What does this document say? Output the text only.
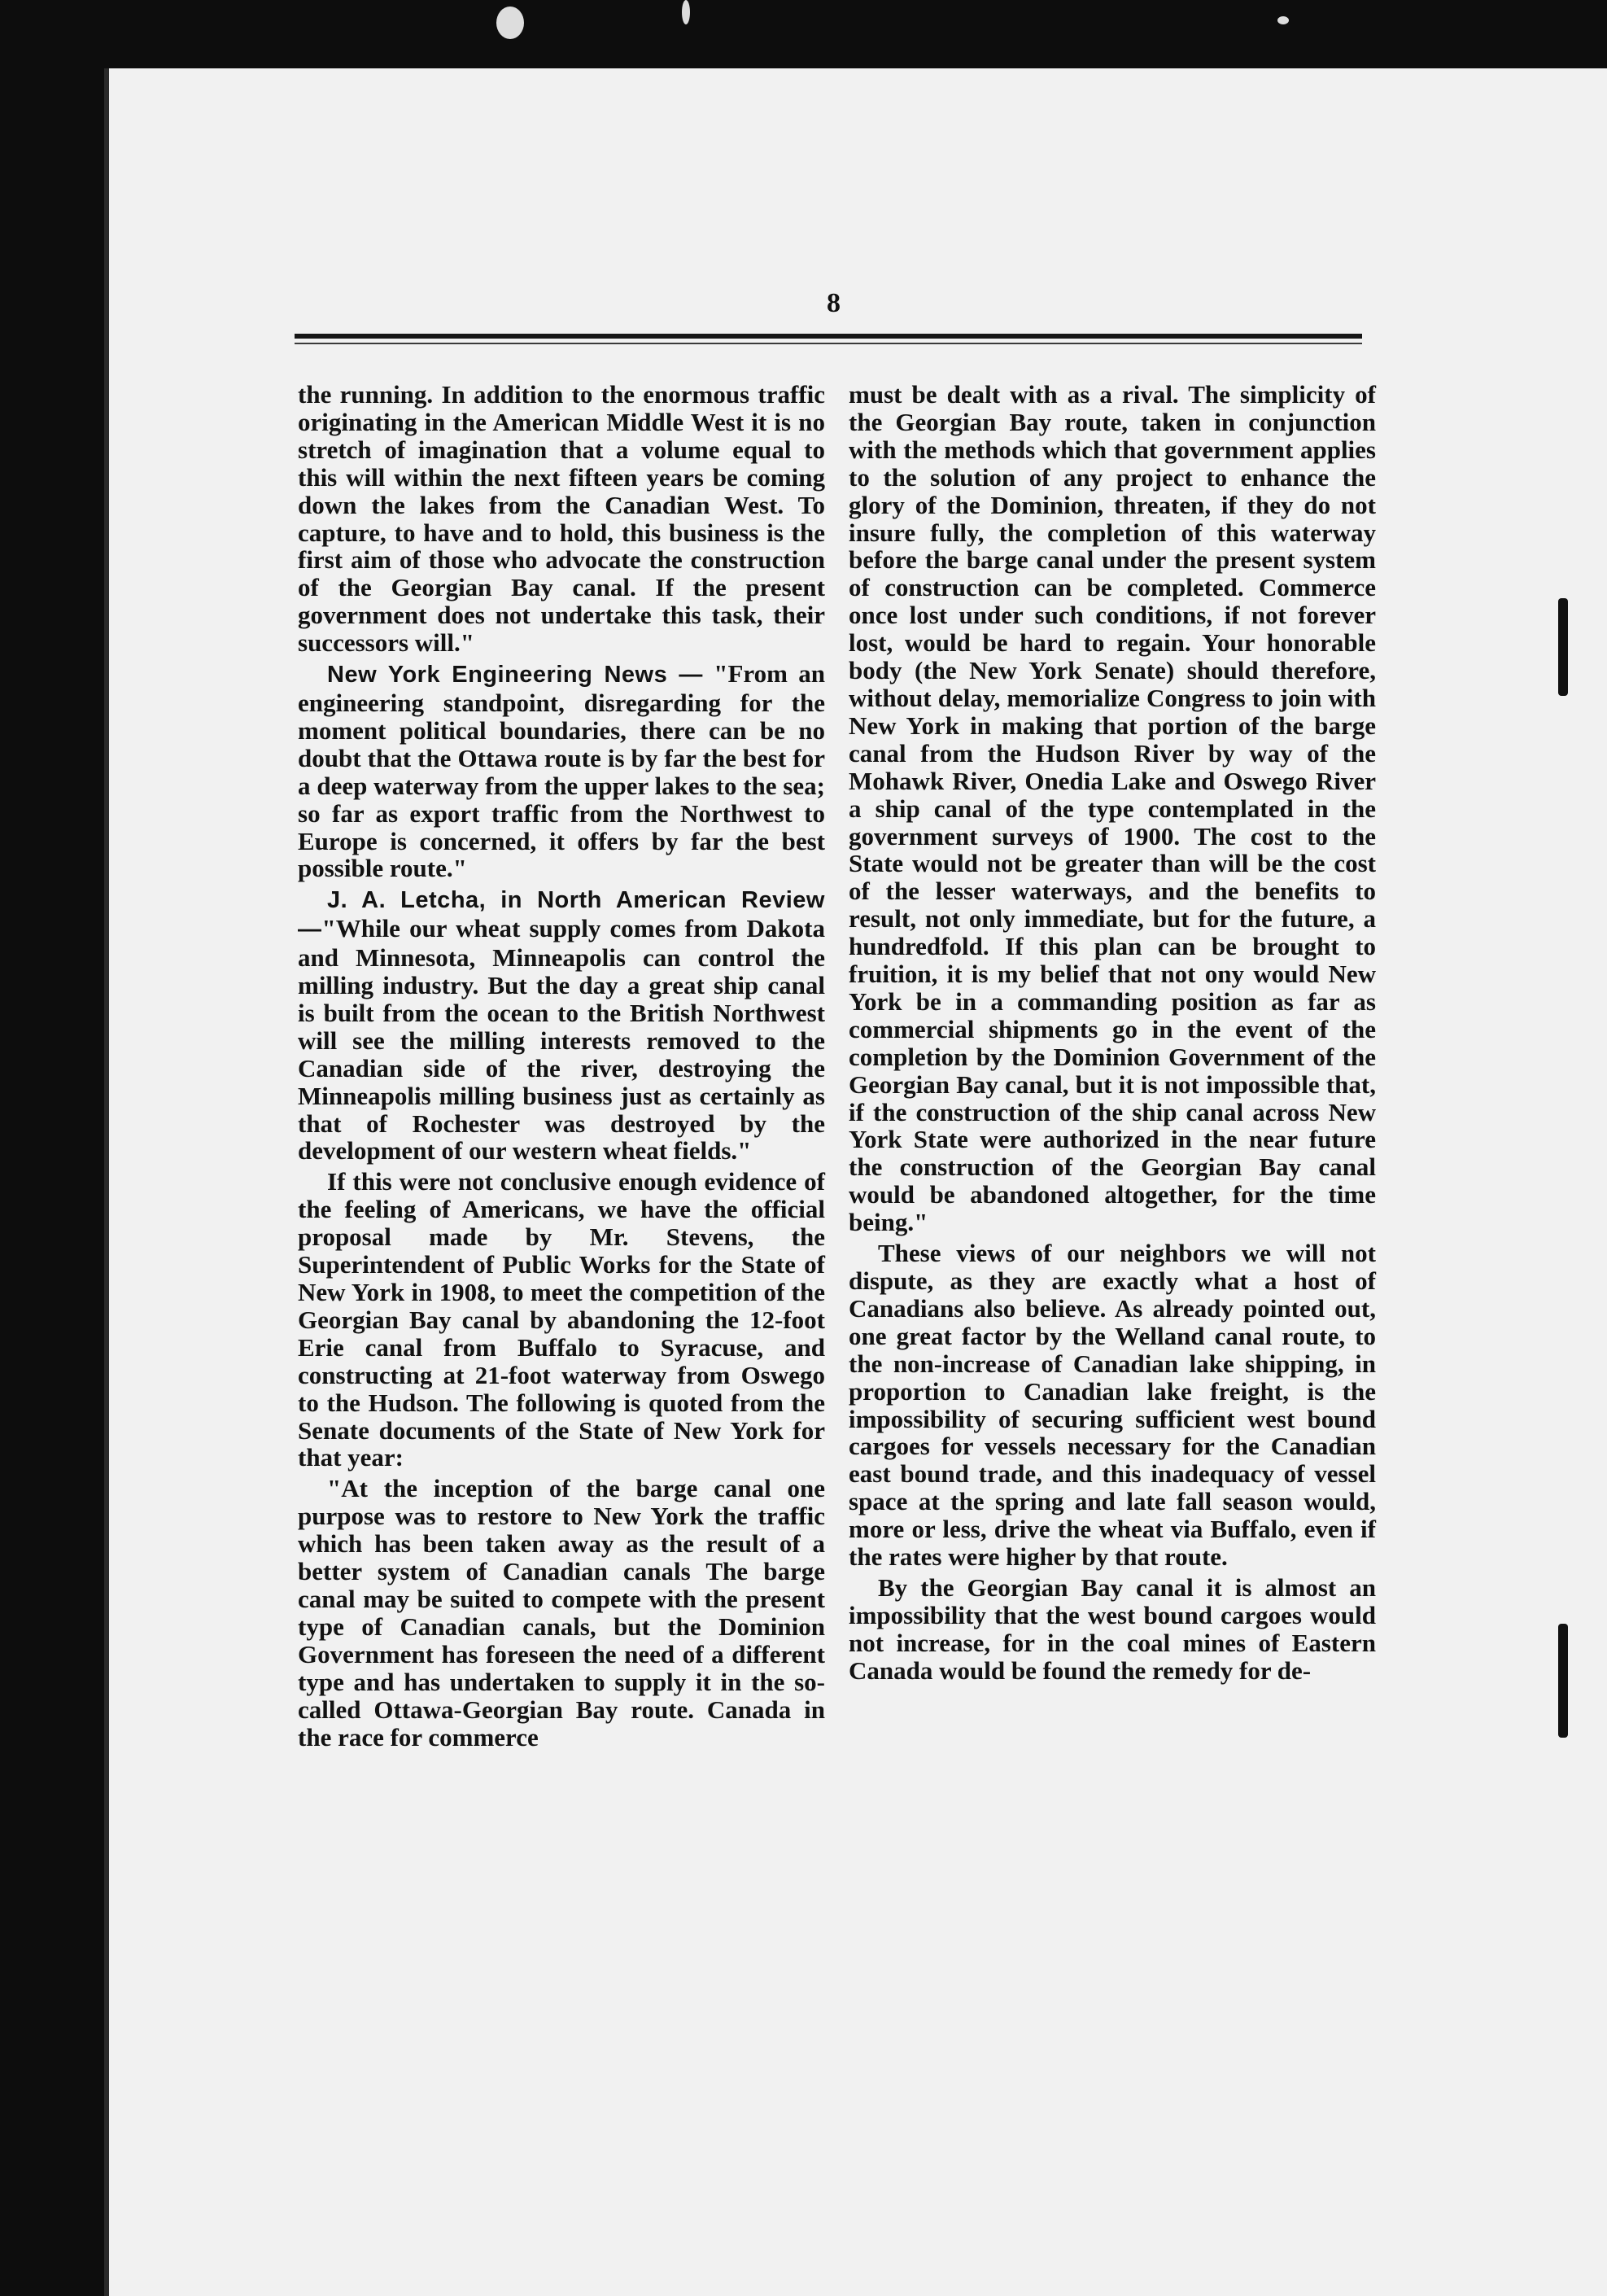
8

the running. In addition to the enormous traffic originating in the American Middle West it is no stretch of imagination that a volume equal to this will within the next fifteen years be coming down the lakes from the Canadian West. To capture, to have and to hold, this business is the first aim of those who advocate the construction of the Georgian Bay canal. If the present government does not undertake this task, their successors will."

New York Engineering News — "From an engineering standpoint, disregarding for the moment political boundaries, there can be no doubt that the Ottawa route is by far the best for a deep waterway from the upper lakes to the sea; so far as export traffic from the Northwest to Europe is concerned, it offers by far the best possible route."

J. A. Letcha, in North American Review—"While our wheat supply comes from Dakota and Minnesota, Minneapolis can control the milling industry. But the day a great ship canal is built from the ocean to the British Northwest will see the milling interests removed to the Canadian side of the river, destroying the Minneapolis milling business just as certainly as that of Rochester was destroyed by the development of our western wheat fields."

If this were not conclusive enough evidence of the feeling of Americans, we have the official proposal made by Mr. Stevens, the Superintendent of Public Works for the State of New York in 1908, to meet the competition of the Georgian Bay canal by abandoning the 12-foot Erie canal from Buffalo to Syracuse, and constructing at 21-foot waterway from Oswego to the Hudson. The following is quoted from the Senate documents of the State of New York for that year:

"At the inception of the barge canal one purpose was to restore to New York the traffic which has been taken away as the result of a better system of Canadian canals The barge canal may be suited to compete with the present type of Canadian canals, but the Dominion Government has foreseen the need of a different type and has undertaken to supply it in the so-called Ottawa-Georgian Bay route. Canada in the race for commerce

must be dealt with as a rival. The simplicity of the Georgian Bay route, taken in conjunction with the methods which that government applies to the solution of any project to enhance the glory of the Dominion, threaten, if they do not insure fully, the completion of this waterway before the barge canal under the present system of construction can be completed. Commerce once lost under such conditions, if not forever lost, would be hard to regain. Your honorable body (the New York Senate) should therefore, without delay, memorialize Congress to join with New York in making that portion of the barge canal from the Hudson River by way of the Mohawk River, Onedia Lake and Oswego River a ship canal of the type contemplated in the government surveys of 1900. The cost to the State would not be greater than will be the cost of the lesser waterways, and the benefits to result, not only immediate, but for the future, a hundredfold. If this plan can be brought to fruition, it is my belief that not ony would New York be in a commanding position as far as commercial shipments go in the event of the completion by the Dominion Government of the Georgian Bay canal, but it is not impossible that, if the construction of the ship canal across New York State were authorized in the near future the construction of the Georgian Bay canal would be abandoned altogether, for the time being."

These views of our neighbors we will not dispute, as they are exactly what a host of Canadians also believe. As already pointed out, one great factor by the Welland canal route, to the non-increase of Canadian lake shipping, in proportion to Canadian lake freight, is the impossibility of securing sufficient west bound cargoes for vessels necessary for the Canadian east bound trade, and this inadequacy of vessel space at the spring and late fall season would, more or less, drive the wheat via Buffalo, even if the rates were higher by that route.

By the Georgian Bay canal it is almost an impossibility that the west bound cargoes would not increase, for in the coal mines of Eastern Canada would be found the remedy for de-
